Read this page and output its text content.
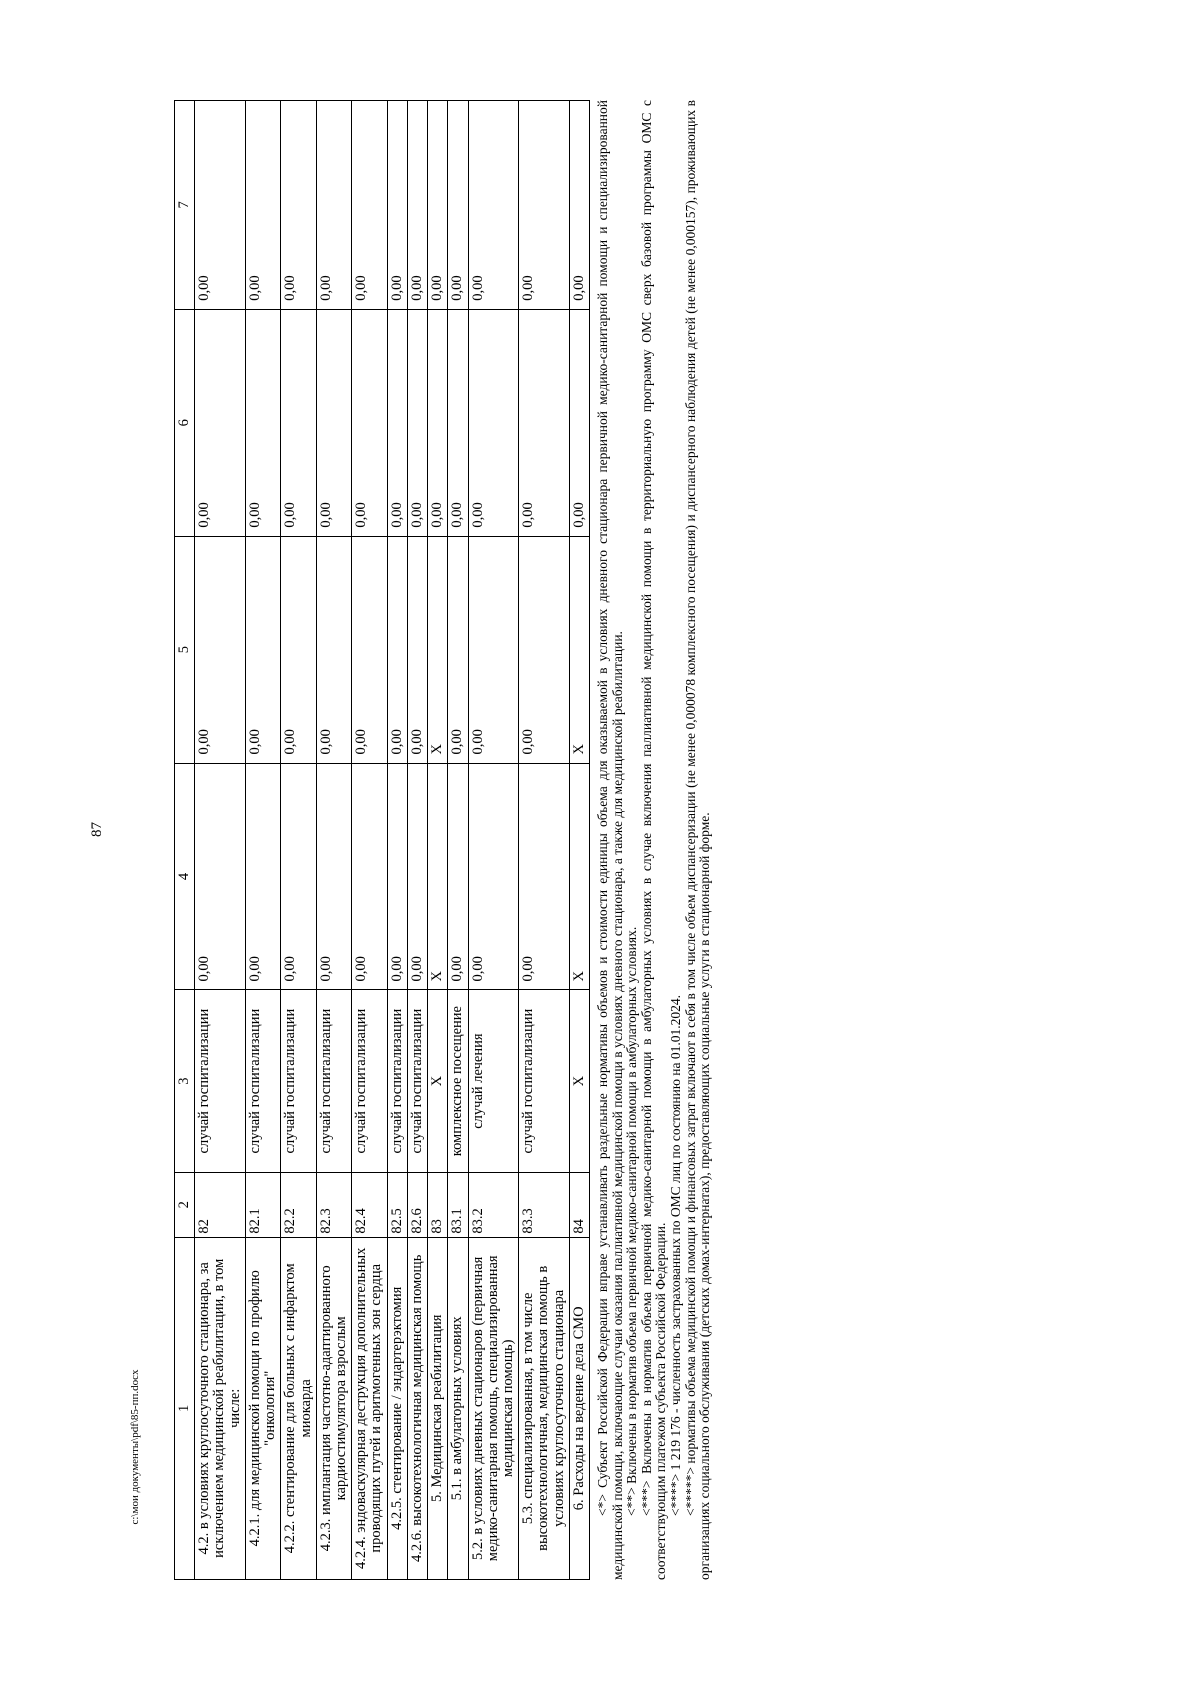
87
c:\мои документы\pdf\85-пп.docx 1	2	3	4	5	6	7
4.2. в условиях круглосуточного стационара, за исключением медицинской реабилитации, в том числе:	82	случай госпитализации	0,00	0,00	0,00	0,00
4.2.1. для медицинской помощи по профилю "онкология"	82.1	случай госпитализации	0,00	0,00	0,00	0,00
4.2.2. стентирование для больных с инфарктом миокарда	82.2	случай госпитализации	0,00	0,00	0,00	0,00
4.2.3. имплантация частотно-адаптированного кардиостимулятора взрослым	82.3	случай госпитализации	0,00	0,00	0,00	0,00
4.2.4. эндоваскулярная деструкция дополнительных проводящих путей и аритмогенных зон сердца	82.4	случай госпитализации	0,00	0,00	0,00	0,00
4.2.5. стентирование / эндартерэктомия	82.5	случай госпитализации	0,00	0,00	0,00	0,00
4.2.6. высокотехнологичная медицинская помощь	82.6	случай госпитализации	0,00	0,00	0,00	0,00
5. Медицинская реабилитация	83	Х	Х	Х	0,00	0,00
5.1. в амбулаторных условиях	83.1	комплексное посещение	0,00	0,00	0,00	0,00
5.2. в условиях дневных стационаров (первичная медико-санитарная помощь, специализированная медицинская помощь)	83.2	случай лечения	0,00	0,00	0,00	0,00
5.3. специализированная, в том числе высокотехнологичная, медицинская помощь в условиях круглосуточного стационара	83.3	случай госпитализации	0,00	0,00	0,00	0,00
6. Расходы на ведение дела СМО	84	Х	Х	Х	0,00	0,00 <*> Субъект Российской Федерации вправе устанавливать раздельные нормативы объемов и стоимости единицы объема для оказываемой в условиях дневного стационара первичной медико-санитарной помощи и специализированной медицинской помощи, включающие случаи оказания паллиативной медицинской помощи в условиях дневного стационара, а также для медицинской реабилитации. <**> Включены в норматив объема первичной медико-санитарной помощи в амбулаторных условиях. <***> Включены в норматив объема первичной медико-санитарной помощи в амбулаторных условиях в случае включения паллиативной медицинской помощи в территориальную программу ОМС сверх базовой программы ОМС с соответствующим платежом субъекта Российской Федерации. <****> 1 219 176 - численность застрахованных по ОМС лиц по состоянию на 01.01.2024. <*****> нормативы объема медицинской помощи и финансовых затрат включают в себя в том числе объем диспансеризации (не менее 0,000078 комплексного посещения) и диспансерного наблюдения детей (не менее 0,000157), проживающих в организациях социального обслуживания (детских домах-интернатах), предоставляющих социальные услуги в стационарной форме.
